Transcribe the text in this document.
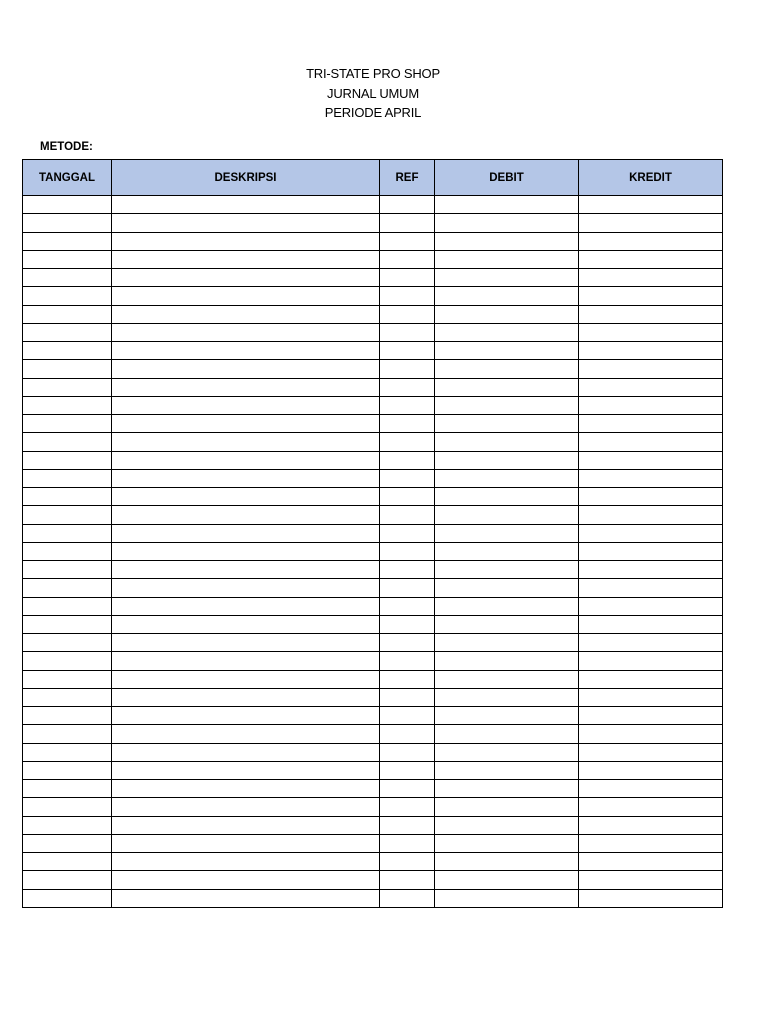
TRI-STATE PRO SHOP
JURNAL UMUM
PERIODE APRIL
METODE:
TANGGAL	DESKRIPSI	REF	DEBIT	KREDIT
